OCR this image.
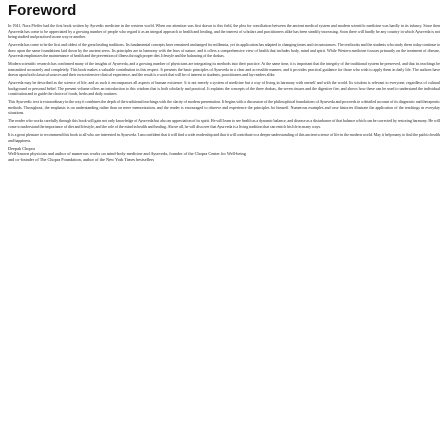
Foreword

In 1941, Nora Pfeffer had the first book written by Ayrvedic medicine in the western world. When our attention was first drawn to this field, the plea for conciliation between the ancient medical system and modern scientific medicine was hardly in its infancy. Since then Ayurveda has come to be appreciated by a growing number of people who regard it as an integral approach to health and healing, and the interest of scholars and practitioners alike has been steadily increasing. Soon there will hardly be any country in which Ayurveda is not being studied and practised in one way or another.

Ayurveda has come to be the first and oldest of the great healing traditions. Its fundamental concepts have remained unchanged for millennia, yet its application has adapted to changing times and circumstances. The textbooks and the students who study them today continue to draw upon the same foundations laid down by the ancient seers. Its principles are in harmony with the laws of nature, and it offers a comprehensive view of health that includes body, mind and spirit. While Western medicine focuses primarily on the treatment of disease, Ayurveda emphasizes the maintenance of health and the prevention of illness through proper diet, lifestyle and the balancing of the doshas.

Modern scientific research has confirmed many of the insights of Ayurveda, and a growing number of physicians are integrating its methods into their practice. At the same time, it is important that the integrity of the traditional system be preserved, and that its teachings be transmitted accurately and completely. This book makes a valuable contribution in this respect. It presents the basic principles of Ayurveda in a clear and accessible manner, and it provides practical guidance for those who wish to apply them in daily life. The authors have drawn upon both classical sources and their own extensive clinical experience, and the result is a work that will be of interest to students, practitioners and lay readers alike.

Ayurveda may be described as the science of life, and as such it encompasses all aspects of human existence. It is not merely a system of medicine but a way of living in harmony with oneself and with the world. Its wisdom is relevant to everyone, regardless of cultural background or personal belief. The present volume offers an introduction to this wisdom that is both scholarly and practical. It explains the concepts of the three doshas, the seven tissues and the digestive fire, and shows how these can be used to understand the individual constitution and to guide the choice of foods, herbs and daily routines.

This Ayurvedic text is extraordinary in the way it combines the depth of the traditional teachings with the clarity of modern presentation. It begins with a discussion of the philosophical foundations of Ayurveda and proceeds to a detailed account of its diagnostic and therapeutic methods. Throughout, the emphasis is on understanding rather than on mere memorization, and the reader is encouraged to observe and experience the principles for himself. Numerous examples and case histories illustrate the application of the teachings in everyday situations.

The reader who works carefully through this book will gain not only knowledge of Ayurveda but also an appreciation of its spirit. He will learn to see health as a dynamic balance, and disease as a disturbance of that balance which can be corrected by restoring harmony. He will come to understand the importance of diet and lifestyle, and the role of the mind in health and healing. Above all, he will discover that Ayurveda is a living tradition that can enrich his life in many ways.

It is a great pleasure to recommend this book to all who are interested in Ayurveda. I am confident that it will find a wide readership and that it will contribute to a deeper understanding of this ancient science of life in the modern world. May it help many to find the path to health and happiness.

Deepak Chopra

Well-known physician and author of numerous works on mind-body medicine and Ayurveda, founder of the Chopra Center for Well-being

and co-founder of The Chopra Foundation, author of the New York Times bestsellers
